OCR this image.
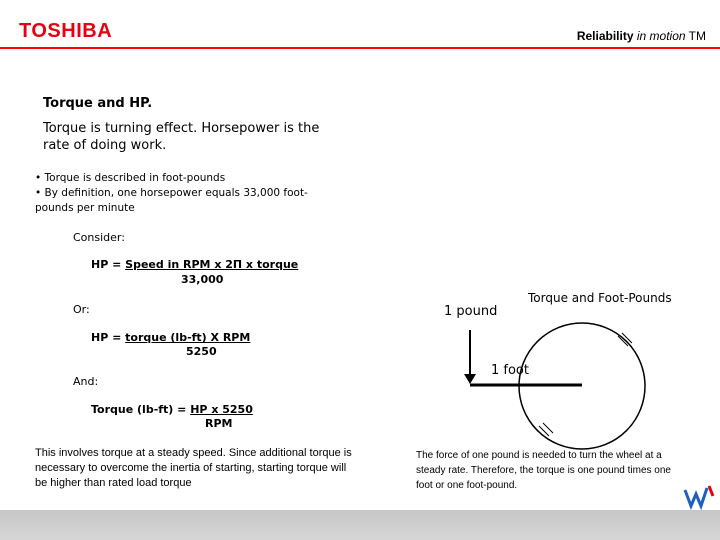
TOSHIBA	Reliability in motion TM
Torque and HP.
Torque is turning effect. Horsepower is the rate of doing work.
• Torque is described in foot-pounds
• By definition, one horsepower equals 33,000 foot-pounds per minute
Consider:
HP = Speed in RPM x 2Π x torque
33,000
Or:
HP = torque (lb-ft) X RPM
5250
And:
Torque (lb-ft) = HP x 5250
RPM
This involves torque at a steady speed. Since additional torque is necessary to overcome the inertia of starting, starting torque will be higher than rated load torque
Torque and Foot-Pounds
1 pound
1 foot
The force of one pound is needed to turn the wheel at a steady rate. Therefore, the torque is one pound times one foot or one foot-pound.
